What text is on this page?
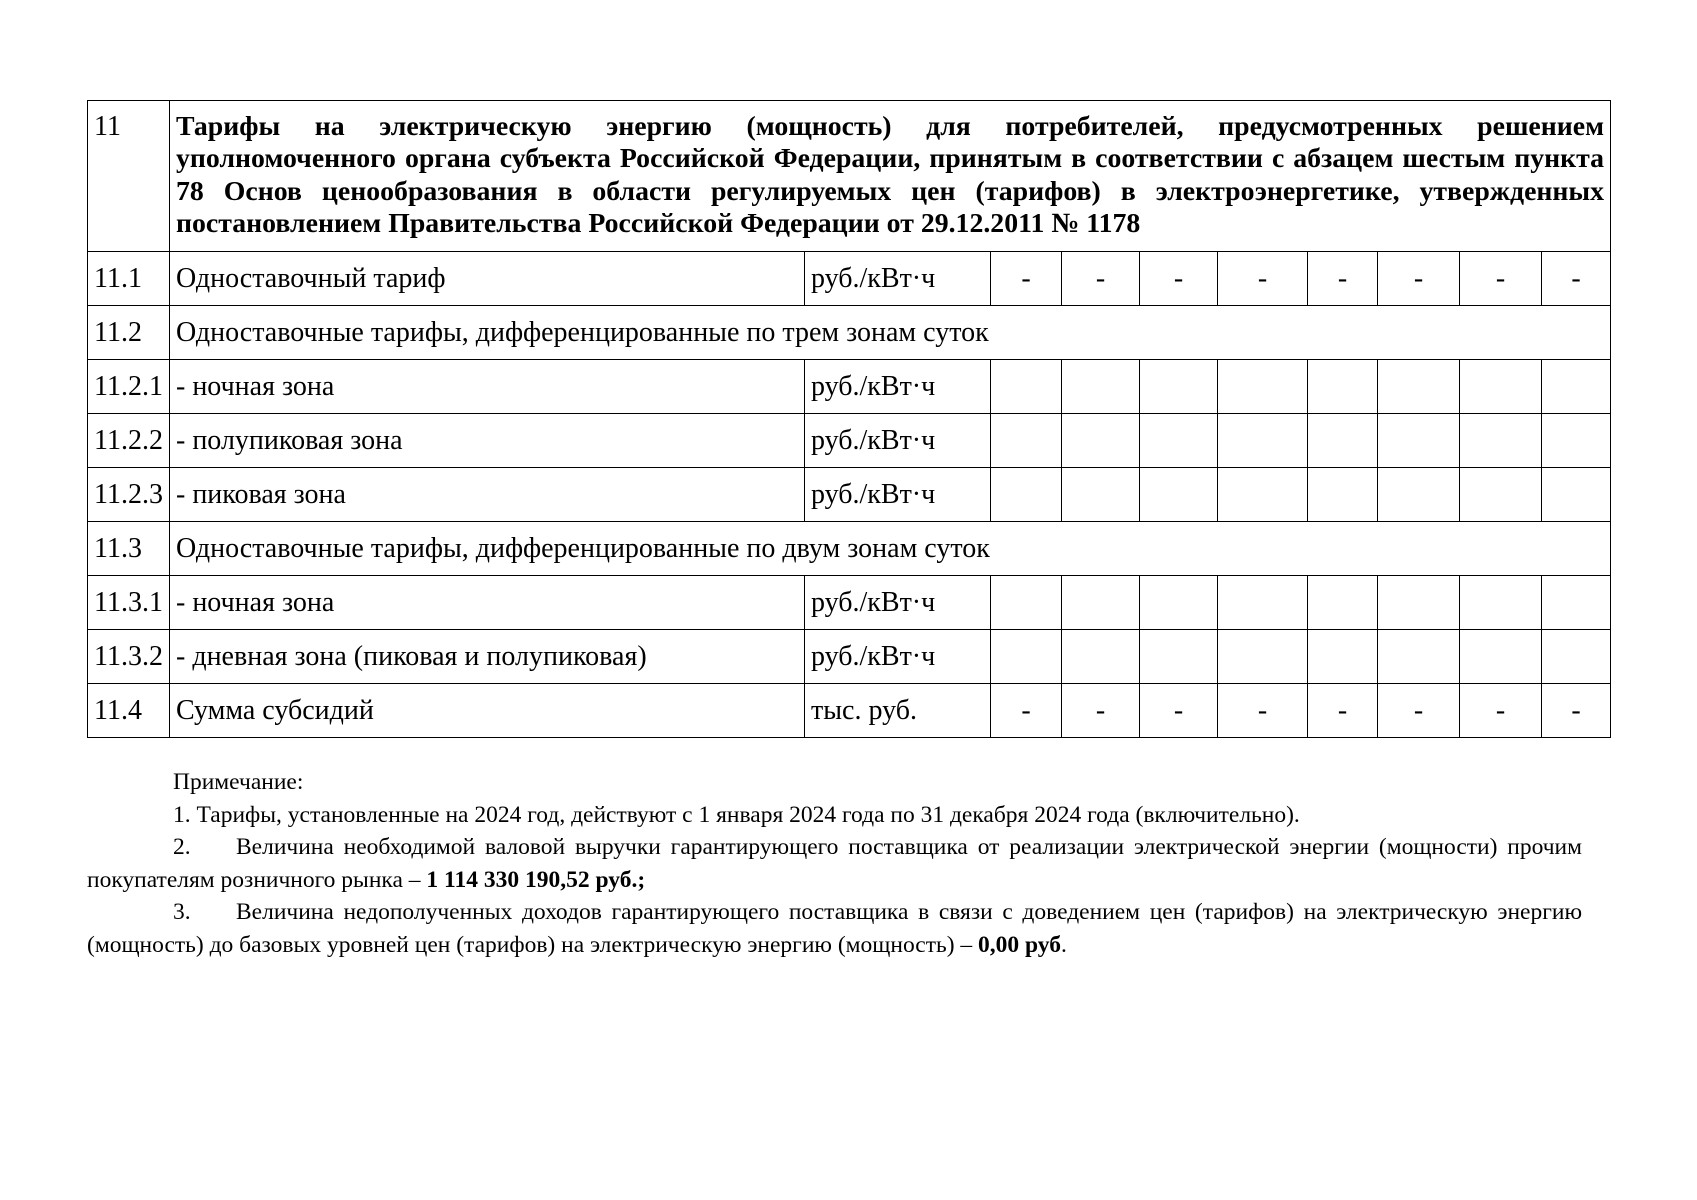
11	Тарифы на электрическую энергию (мощность) для потребителей, предусмотренных решением
уполномоченного органа субъекта Российской Федерации, принятым в соответствии с абзацем шестым пункта
78 Основ ценообразования в области регулируемых цен (тарифов) в электроэнергетике, утвержденных
постановлением Правительства Российской Федерации от 29.12.2011 № 1178									

11.1	Одноставочный тариф	руб./кВт·ч	-	-	-	-	-	-	-	-
11.2	Одноставочные тарифы, дифференцированные по трем зонам суток									
11.2.1	- ночная зона	руб./кВт·ч								
11.2.2	- полупиковая зона	руб./кВт·ч								
11.2.3	- пиковая зона	руб./кВт·ч								
11.3	Одноставочные тарифы, дифференцированные по двум зонам суток									
11.3.1	- ночная зона	руб./кВт·ч								
11.3.2	- дневная зона (пиковая и полупиковая)	руб./кВт·ч								
11.4	Сумма субсидий	тыс. руб.	-	-	-	-	-	-	-	-
Примечание:
1. Тарифы, установленные на 2024 год, действуют с 1 января 2024 года по 31 декабря 2024 года (включительно).
2. Величина необходимой валовой выручки гарантирующего поставщика от реализации электрической энергии (мощности) прочим покупателям розничного рынка – 1 114 330 190,52 руб.;
3. Величина недополученных доходов гарантирующего поставщика в связи с доведением цен (тарифов) на электрическую энергию (мощность) до базовых уровней цен (тарифов) на электрическую энергию (мощность) – 0,00 руб.
